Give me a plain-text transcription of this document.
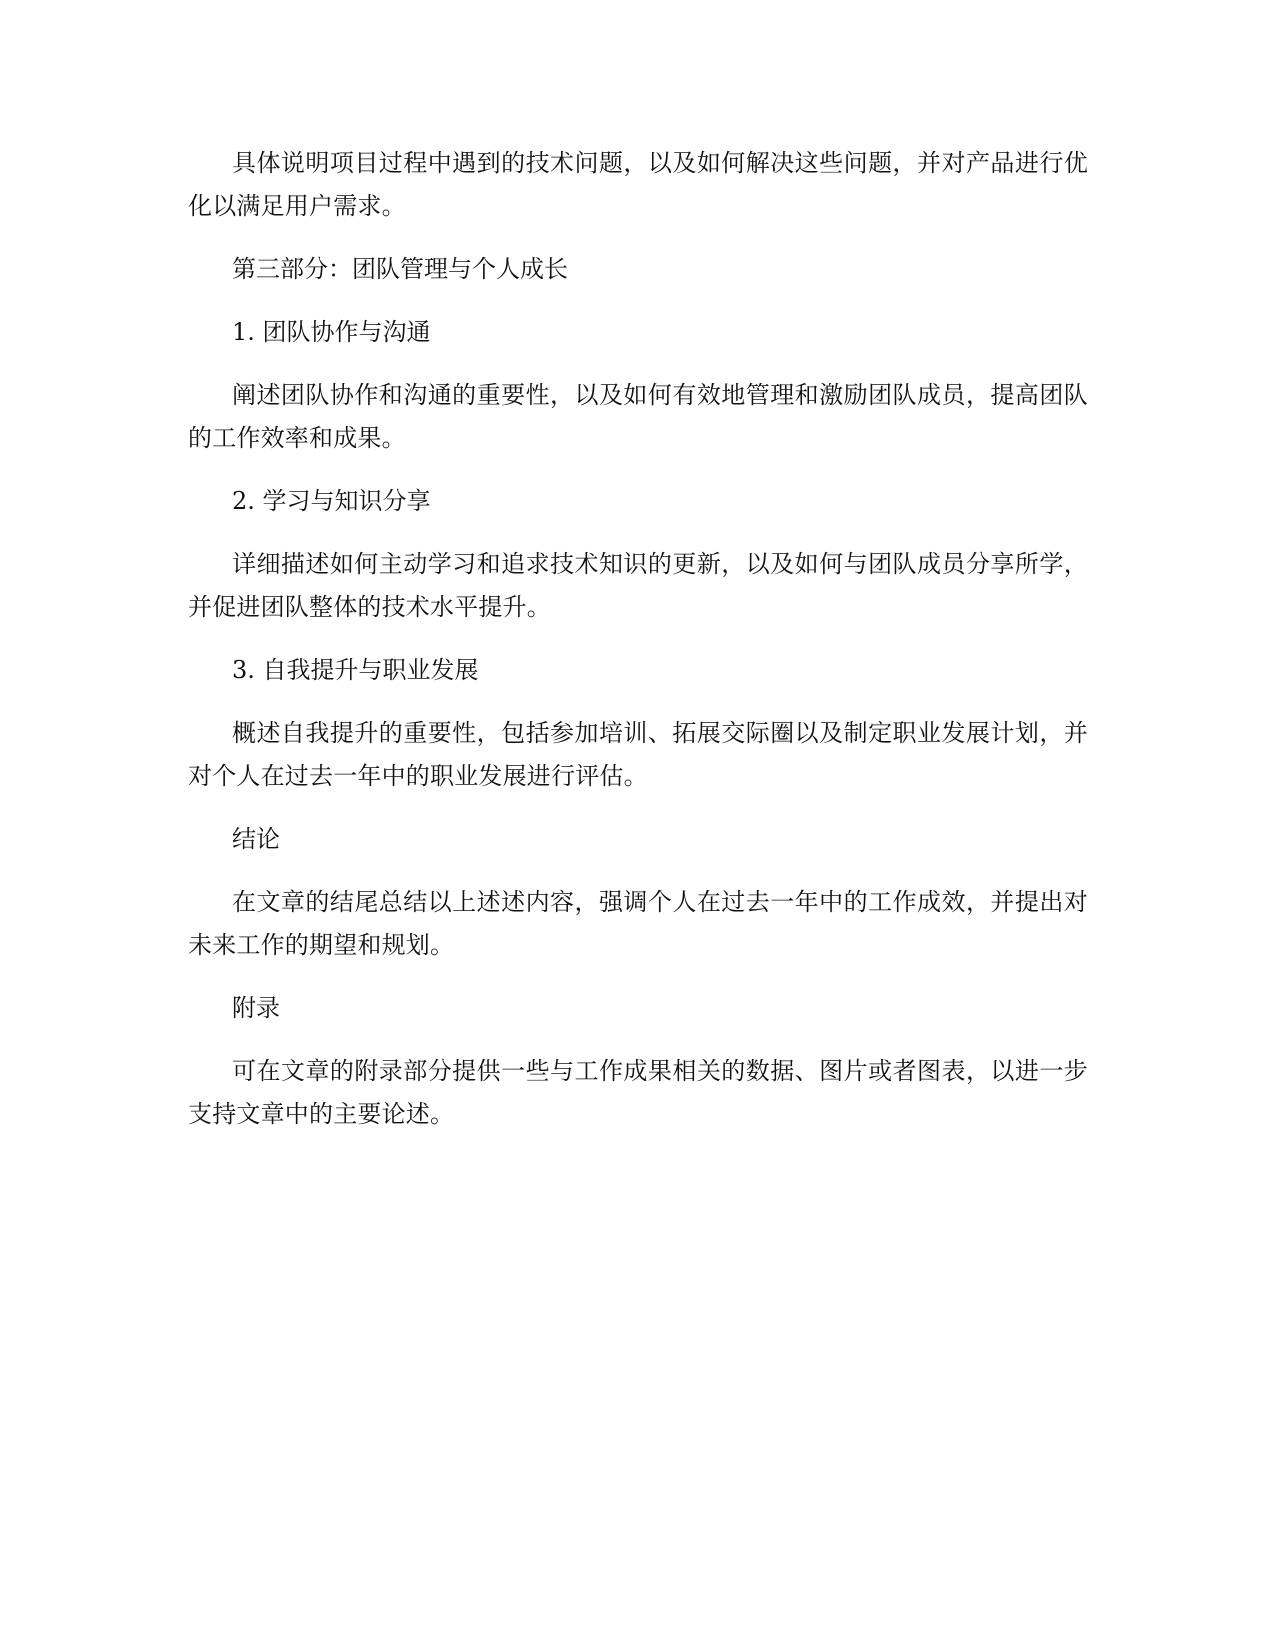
具体说明项目过程中遇到的技术问题，以及如何解决这些问题，并对产品进行优化以满足用户需求。

第三部分：团队管理与个人成长

1. 团队协作与沟通

阐述团队协作和沟通的重要性，以及如何有效地管理和激励团队成员，提高团队的工作效率和成果。

2. 学习与知识分享

详细描述如何主动学习和追求技术知识的更新，以及如何与团队成员分享所学，并促进团队整体的技术水平提升。

3. 自我提升与职业发展

概述自我提升的重要性，包括参加培训、拓展交际圈以及制定职业发展计划，并对个人在过去一年中的职业发展进行评估。

结论

在文章的结尾总结以上述述内容，强调个人在过去一年中的工作成效，并提出对未来工作的期望和规划。

附录

可在文章的附录部分提供一些与工作成果相关的数据、图片或者图表，以进一步支持文章中的主要论述。
